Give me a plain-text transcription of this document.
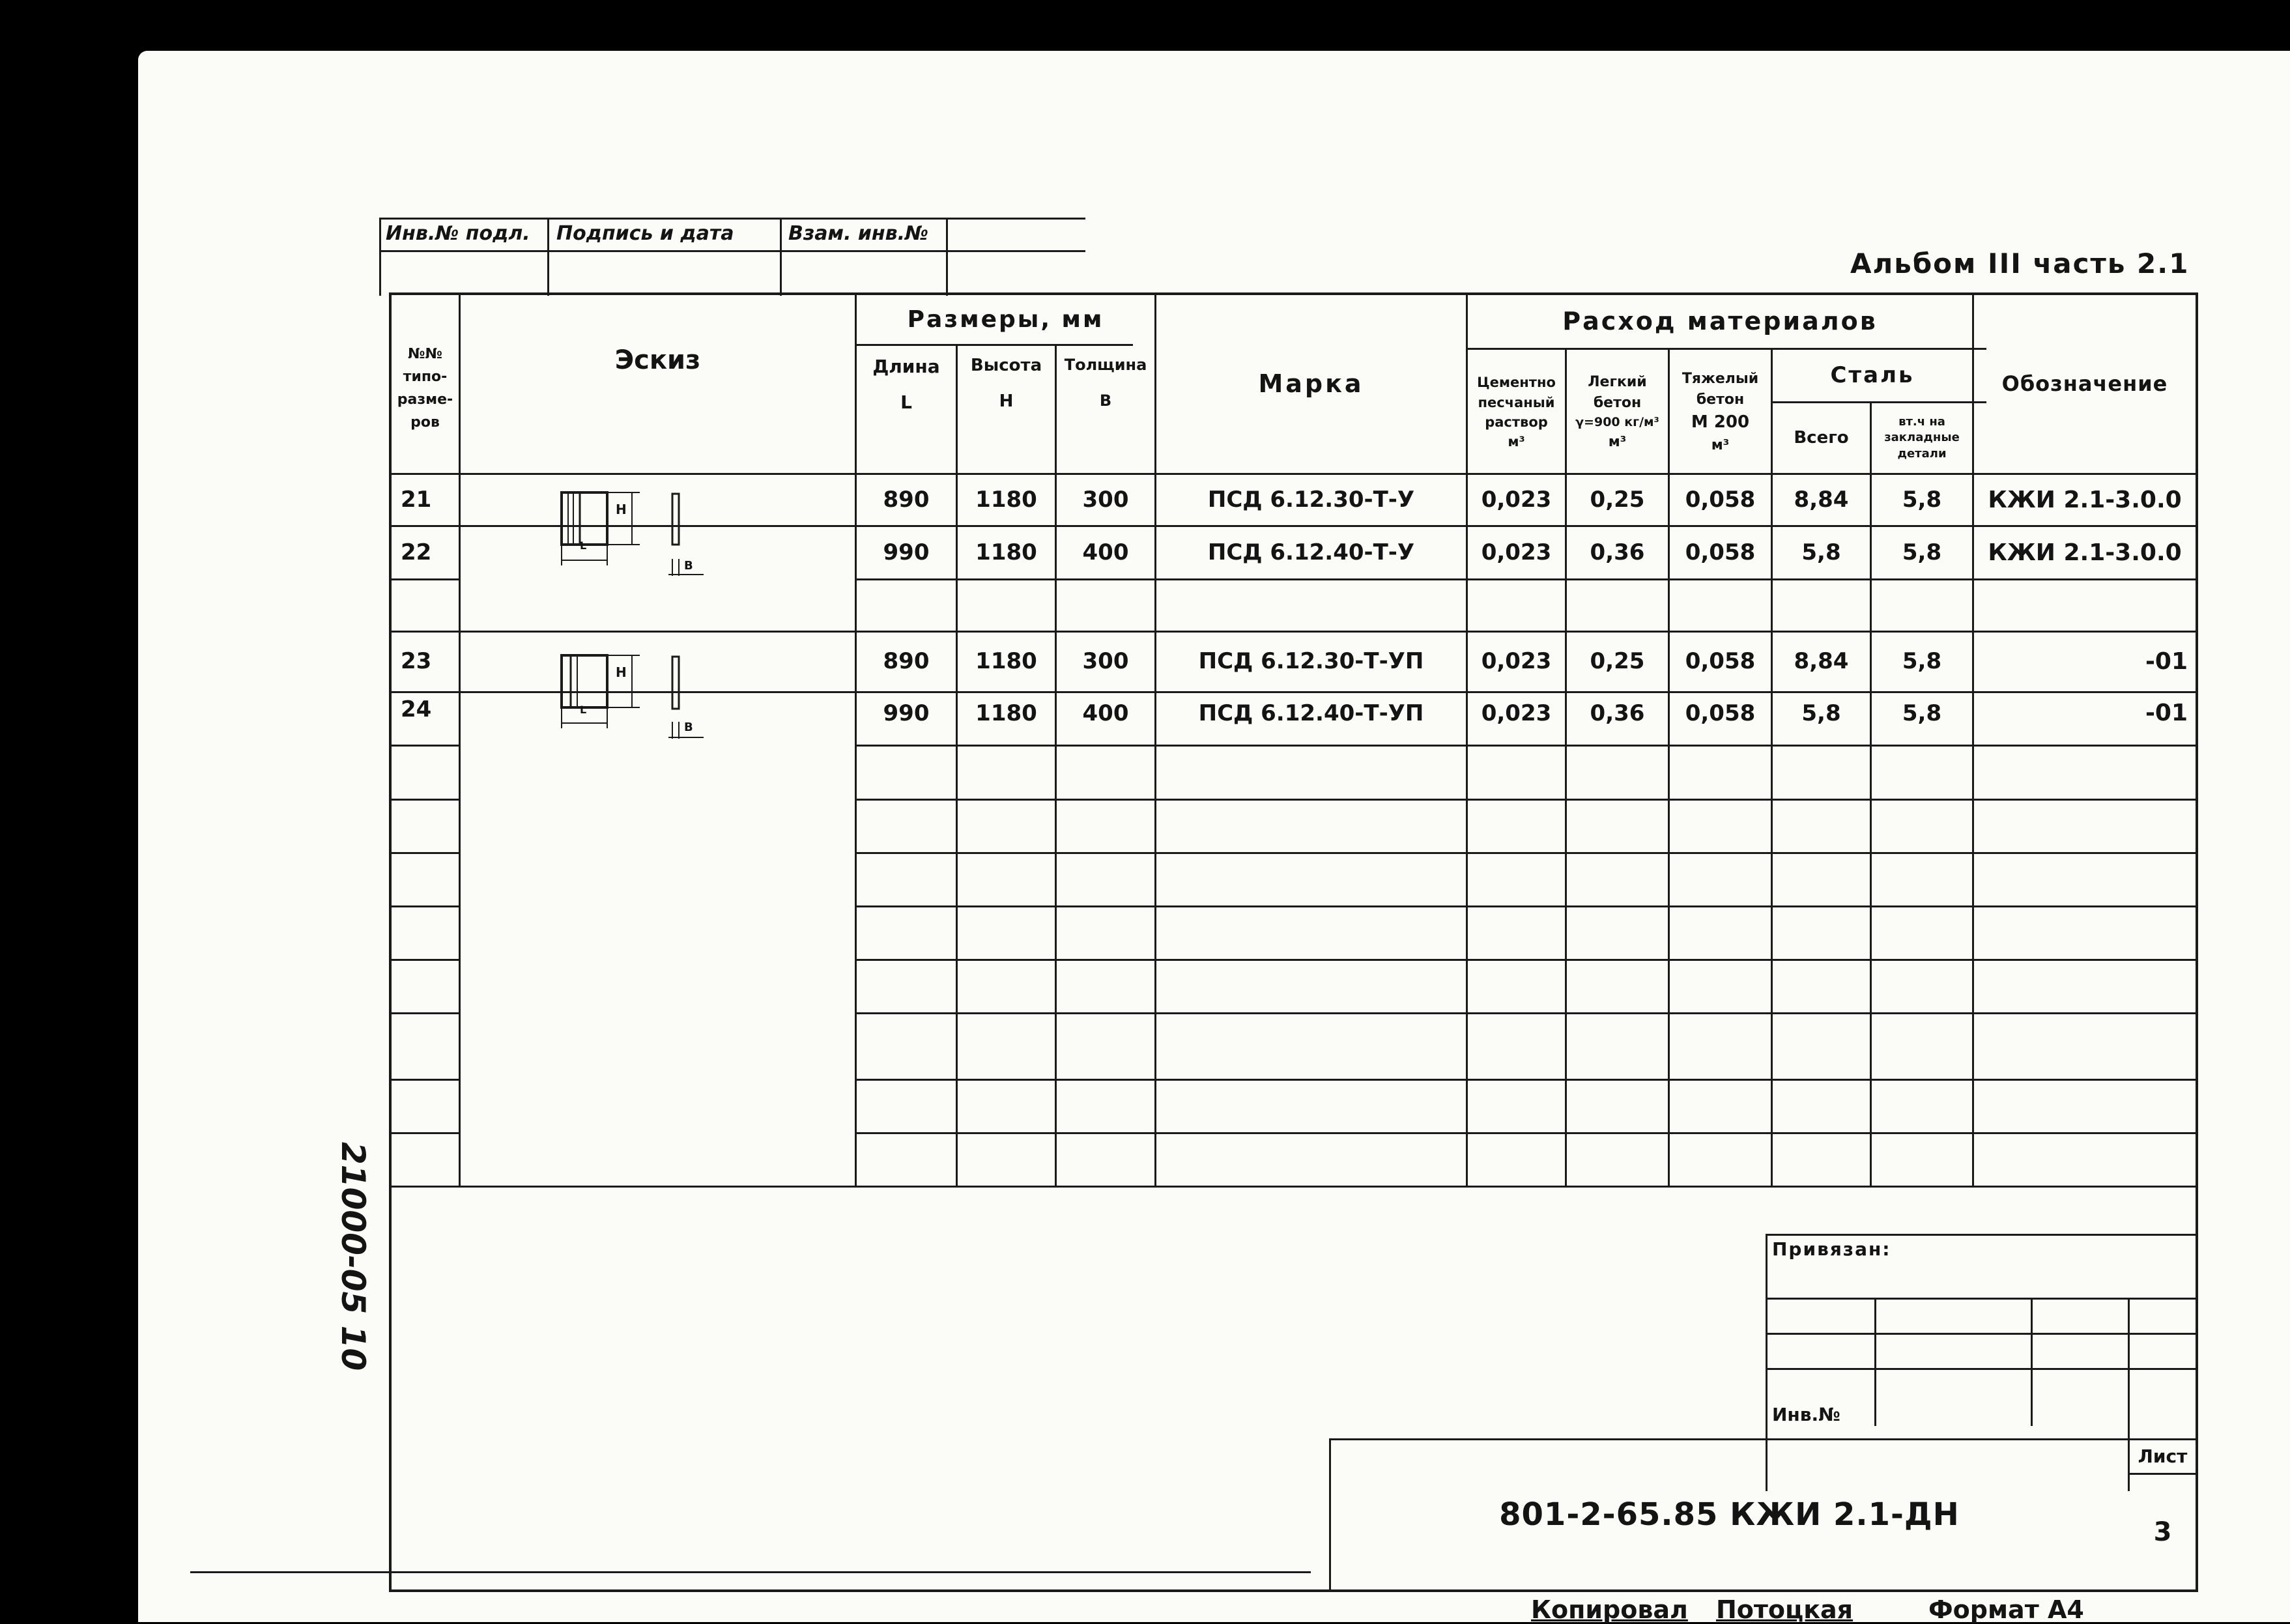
Инв.№ подл. Подпись и дата	Взам. инв.№
Альбом III часть 2.1
№№
типо-
разме-
ров
Эскиз
Размеры, мм
Длина
L
Высота
Н
Толщина
В
Марка
Расход материалов
Цементно
песчаный
раствор
м³
Легкий
бетон
γ=900 кг/м³
м³
Тяжелый
бетон
М 200
м³
Сталь
Всего
вт.ч на
закладные
детали
Обозначение
Н
L
В
Н
L
В
21	890	1180	300	ПСД 6.12.30-Т-У	0,023	0,25	0,058	8,84	5,8	КЖИ 2.1-3.0.0
22	990	1180	400	ПСД 6.12.40-Т-У	0,023	0,36	0,058	5,8	5,8	КЖИ 2.1-3.0.0
23	890	1180	300	ПСД 6.12.30-Т-УП	0,023	0,25	0,058	8,84	5,8	-01
24	990	1180	400	ПСД 6.12.40-Т-УП	0,023	0,36	0,058	5,8	5,8	-01
21000-05 10	Привязан:
Инв.№
801-2-65.85 КЖИ 2.1-ДН
Лист
3
Копировал Потоцкая	Формат А4
